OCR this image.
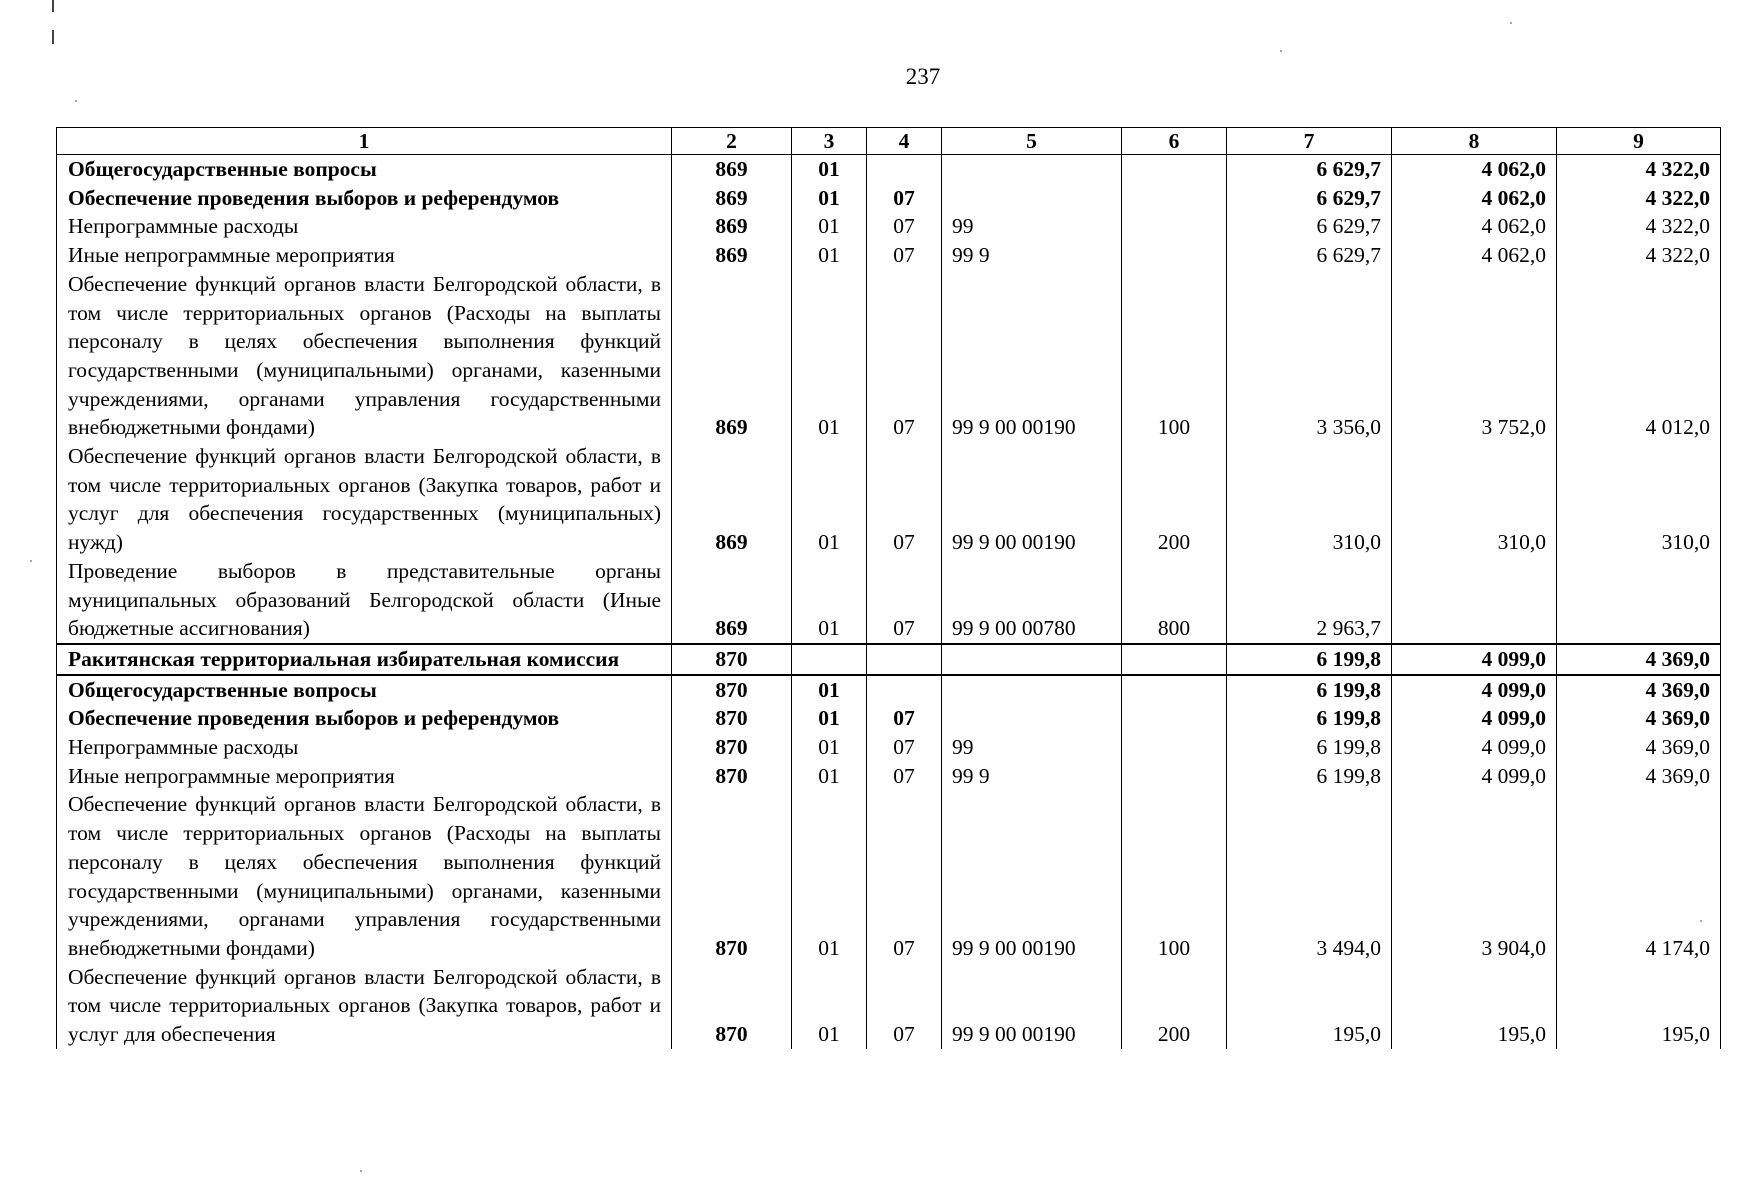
237
1	2	3	4	5	6	7	8	9
Общегосударственные вопросы	869	01				6 629,7	4 062,0	4 322,0
Обеспечение проведения выборов и референдумов	869	01	07			6 629,7	4 062,0	4 322,0
Непрограммные расходы	869	01	07	99		6 629,7	4 062,0	4 322,0
Иные непрограммные мероприятия	869	01	07	99 9		6 629,7	4 062,0	4 322,0
Обеспечение функций органов власти Белгородской области, в том числе территориальных органов (Расходы на выплаты персоналу в целях обеспечения выполнения функций государственными (муниципальными) органами, казенными учреждениями, органами управления государственными внебюджетными фондами)	869	01	07	99 9 00 00190	100	3 356,0	3 752,0	4 012,0
Обеспечение функций органов власти Белгородской области, в том числе территориальных органов (Закупка товаров, работ и услуг для обеспечения государственных (муниципальных) нужд)	869	01	07	99 9 00 00190	200	310,0	310,0	310,0
Проведение выборов в представительные органы муниципальных образований Белгородской области (Иные бюджетные ассигнования)	869	01	07	99 9 00 00780	800	2 963,7		
Ракитянская территориальная избирательная комиссия	870					6 199,8	4 099,0	4 369,0
Общегосударственные вопросы	870	01				6 199,8	4 099,0	4 369,0
Обеспечение проведения выборов и референдумов	870	01	07			6 199,8	4 099,0	4 369,0
Непрограммные расходы	870	01	07	99		6 199,8	4 099,0	4 369,0
Иные непрограммные мероприятия	870	01	07	99 9		6 199,8	4 099,0	4 369,0
Обеспечение функций органов власти Белгородской области, в том числе территориальных органов (Расходы на выплаты персоналу в целях обеспечения выполнения функций государственными (муниципальными) органами, казенными учреждениями, органами управления государственными внебюджетными фондами)	870	01	07	99 9 00 00190	100	3 494,0	3 904,0	4 174,0
Обеспечение функций органов власти Белгородской области, в том числе территориальных органов (Закупка товаров, работ и услуг для обеспечения	870	01	07	99 9 00 00190	200	195,0	195,0	195,0
